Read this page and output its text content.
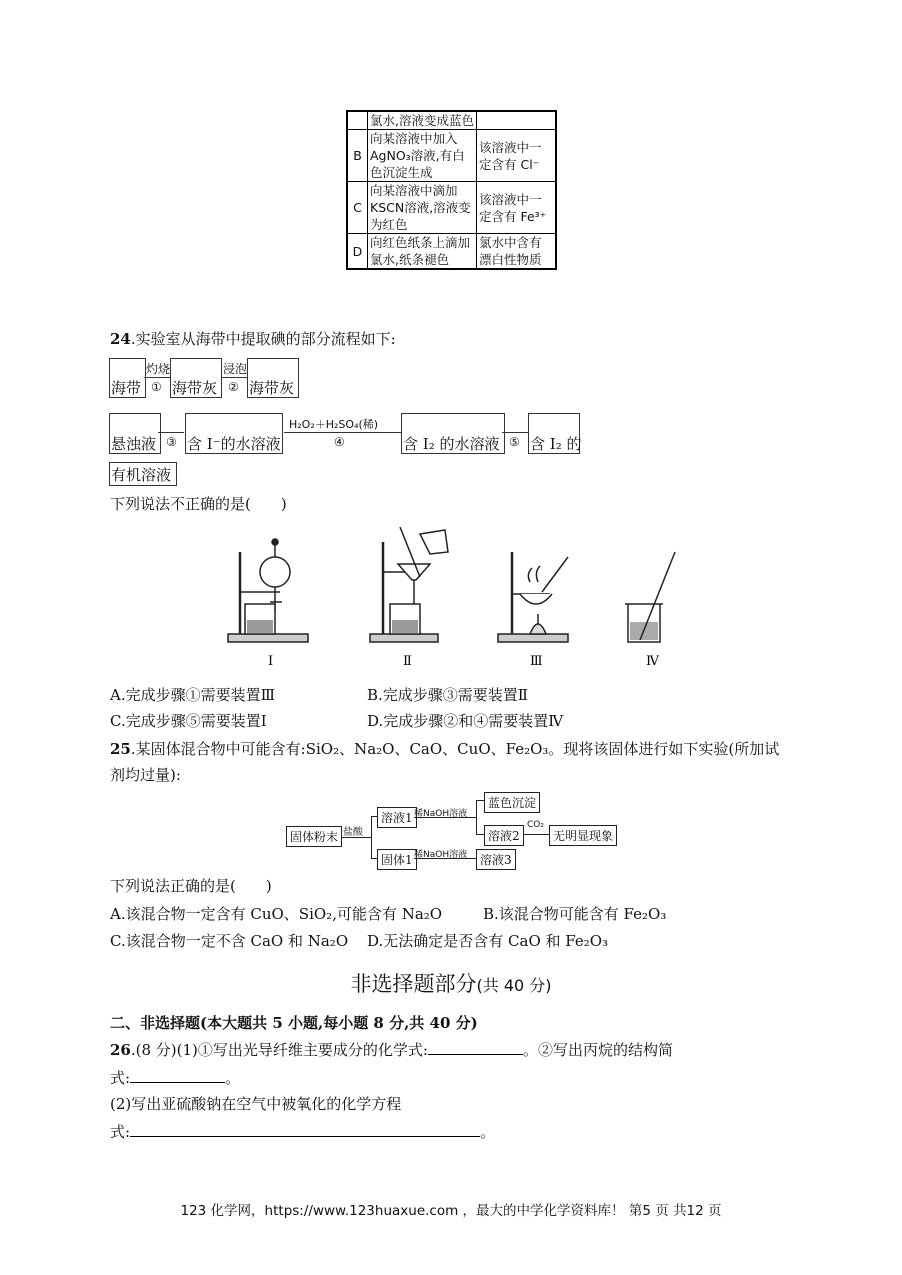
	氯水,溶液变成蓝色	
B	向某溶液中加入AgNO₃溶液,有白色沉淀生成	该溶液中一定含有 Cl⁻
C	向某溶液中滴加KSCN溶液,溶液变为红色	该溶液中一定含有 Fe³⁺
D	向红色纸条上滴加氯水,纸条褪色	氯水中含有漂白性物质
24.实验室从海带中提取碘的部分流程如下:
海带
灼烧
① 海带灰
浸泡
② 海带灰
悬浊液 ③ 含 I⁻的水溶液
H₂O₂＋H₂SO₄(稀)
④	含 I₂ 的水溶液 ⑤ 含 I₂ 的
有机溶液
下列说法不正确的是(　　)
Ⅰ	Ⅱ	Ⅲ	Ⅳ
A.完成步骤①需要装置Ⅲ	B.完成步骤③需要装置Ⅱ
C.完成步骤⑤需要装置Ⅰ	D.完成步骤②和④需要装置Ⅳ
25.某固体混合物中可能含有:SiO₂、Na₂O、CaO、CuO、Fe₂O₃。现将该固体进行如下实验(所加试
剂均过量):
固体粉末 盐酸
溶液1
固体1
稀NaOH溶液
蓝色沉淀
溶液2
CO₂
无明显现象
稀NaOH溶液	溶液3
下列说法正确的是(　　)
A.该混合物一定含有 CuO、SiO₂,可能含有 Na₂O	B.该混合物可能含有 Fe₂O₃
C.该混合物一定不含 CaO 和 Na₂O D.无法确定是否含有 CaO 和 Fe₂O₃
非选择题部分(共 40 分)
二、非选择题(本大题共 5 小题,每小题 8 分,共 40 分)
26.(8 分)(1)①写出光导纤维主要成分的化学式:	。②写出丙烷的结构简
式:	。
(2)写出亚硫酸钠在空气中被氧化的化学方程
式:	。
123 化学网，https://www.123huaxue.com ，最大的中学化学资料库！ 第5 页 共12 页
